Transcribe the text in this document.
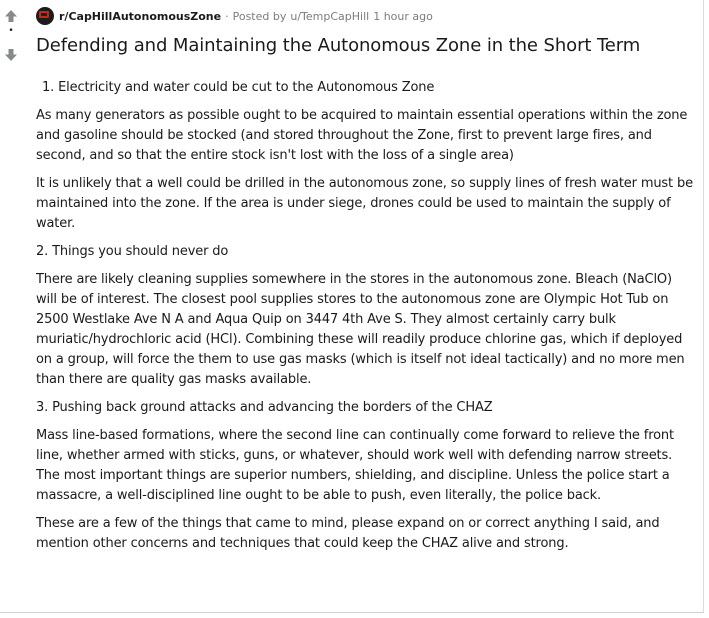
•
r/CapHillAutonomousZone · Posted by u/TempCapHill 1 hour ago
Defending and Maintaining the Autonomous Zone in the Short Term

1. Electricity and water could be cut to the Autonomous Zone

As many generators as possible ought to be acquired to maintain essential operations within the zone and gasoline should be stocked (and stored throughout the Zone, first to prevent large fires, and second, and so that the entire stock isn't lost with the loss of a single area)

It is unlikely that a well could be drilled in the autonomous zone, so supply lines of fresh water must be maintained into the zone. If the area is under siege, drones could be used to maintain the supply of water.

2. Things you should never do

There are likely cleaning supplies somewhere in the stores in the autonomous zone. Bleach (NaClO) will be of interest. The closest pool supplies stores to the autonomous zone are Olympic Hot Tub on 2500 Westlake Ave N A and Aqua Quip on 3447 4th Ave S. They almost certainly carry bulk muriatic/hydrochloric acid (HCl). Combining these will readily produce chlorine gas, which if deployed on a group, will force the them to use gas masks (which is itself not ideal tactically) and no more men than there are quality gas masks available.

3. Pushing back ground attacks and advancing the borders of the CHAZ

Mass line-based formations, where the second line can continually come forward to relieve the front line, whether armed with sticks, guns, or whatever, should work well with defending narrow streets. The most important things are superior numbers, shielding, and discipline. Unless the police start a massacre, a well-disciplined line ought to be able to push, even literally, the police back.

These are a few of the things that came to mind, please expand on or correct anything I said, and mention other concerns and techniques that could keep the CHAZ alive and strong.
